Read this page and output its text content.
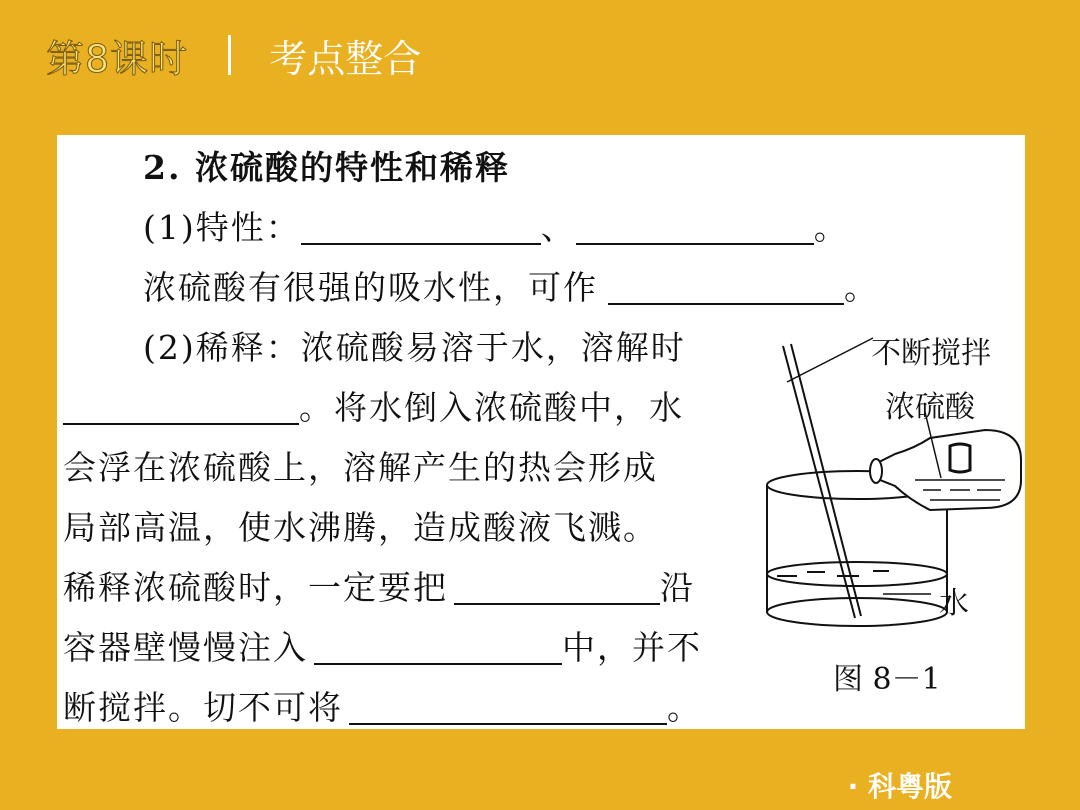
第8课时 考点整合
2. 浓硫酸的特性和稀释
(1)特性：	、	。
浓硫酸有很强的吸水性，可作	。
(2)稀释：浓硫酸易溶于水，溶解时
。将水倒入浓硫酸中，水
会浮在浓硫酸上，溶解产生的热会形成
局部高温，使水沸腾，造成酸液飞溅。
稀释浓硫酸时，一定要把	沿
容器壁慢慢注入	中，并不
断搅拌。切不可将	。
不断搅拌
浓硫酸
水
图 8－1
· 科粤版
